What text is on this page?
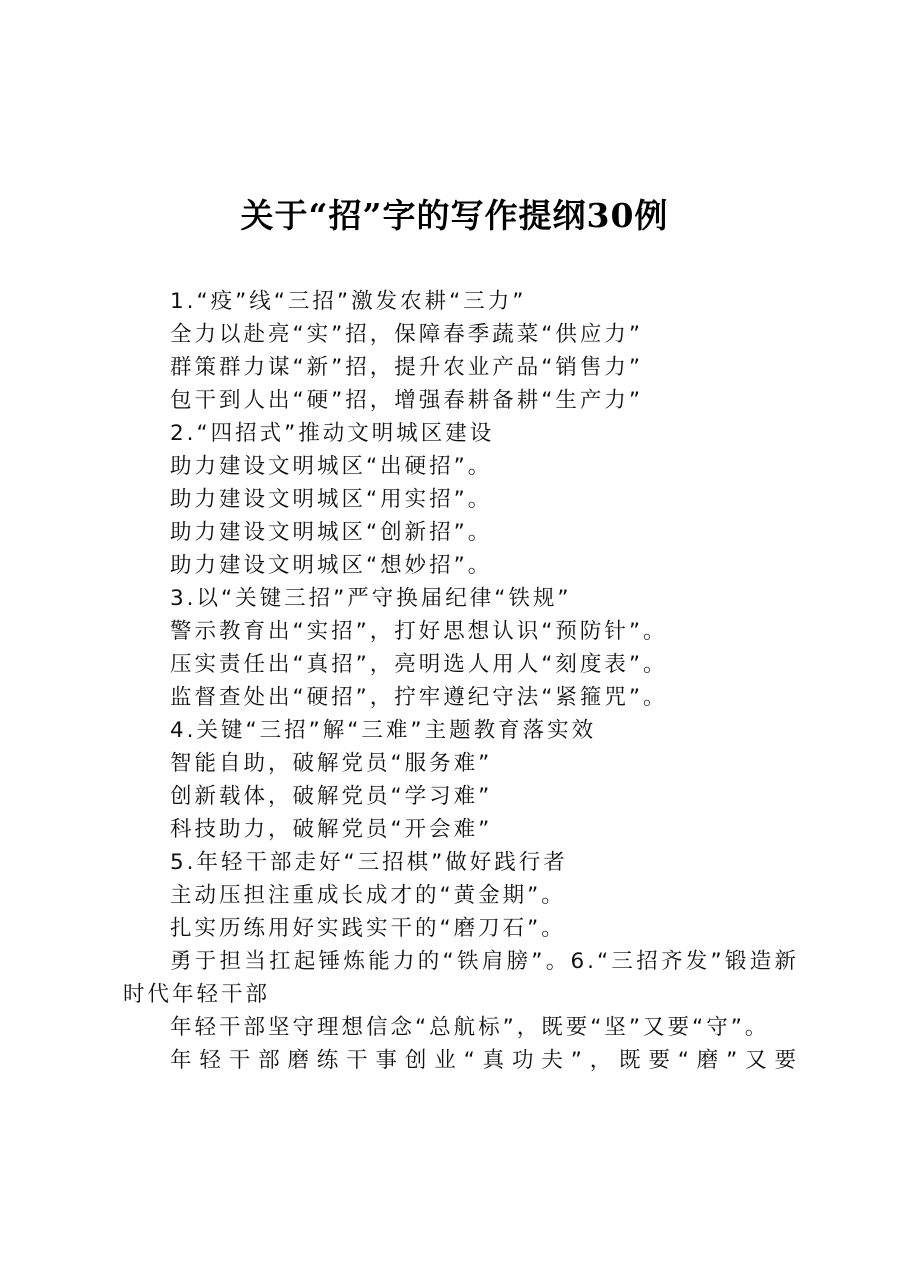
关于“招”字的写作提纲30例
1.“疫”线“三招”激发农耕“三力”
全力以赴亮“实”招，保障春季蔬菜“供应力”
群策群力谋“新”招，提升农业产品“销售力”
包干到人出“硬”招，增强春耕备耕“生产力”
2.“四招式”推动文明城区建设
助力建设文明城区“出硬招”。
助力建设文明城区“用实招”。
助力建设文明城区“创新招”。
助力建设文明城区“想妙招”。
3.以“关键三招”严守换届纪律“铁规”
警示教育出“实招”，打好思想认识“预防针”。
压实责任出“真招”，亮明选人用人“刻度表”。
监督查处出“硬招”，拧牢遵纪守法“紧箍咒”。
4.关键“三招”解“三难”主题教育落实效
智能自助，破解党员“服务难”
创新载体，破解党员“学习难”
科技助力，破解党员“开会难”
5.年轻干部走好“三招棋”做好践行者
主动压担注重成长成才的“黄金期”。
扎实历练用好实践实干的“磨刀石”。
勇于担当扛起锤炼能力的“铁肩膀”。6.“三招齐发”锻造新时代年轻干部
年轻干部坚守理想信念“总航标”，既要“坚”又要“守”。
年轻干部磨练干事创业“真功夫”，既要“磨”又要
